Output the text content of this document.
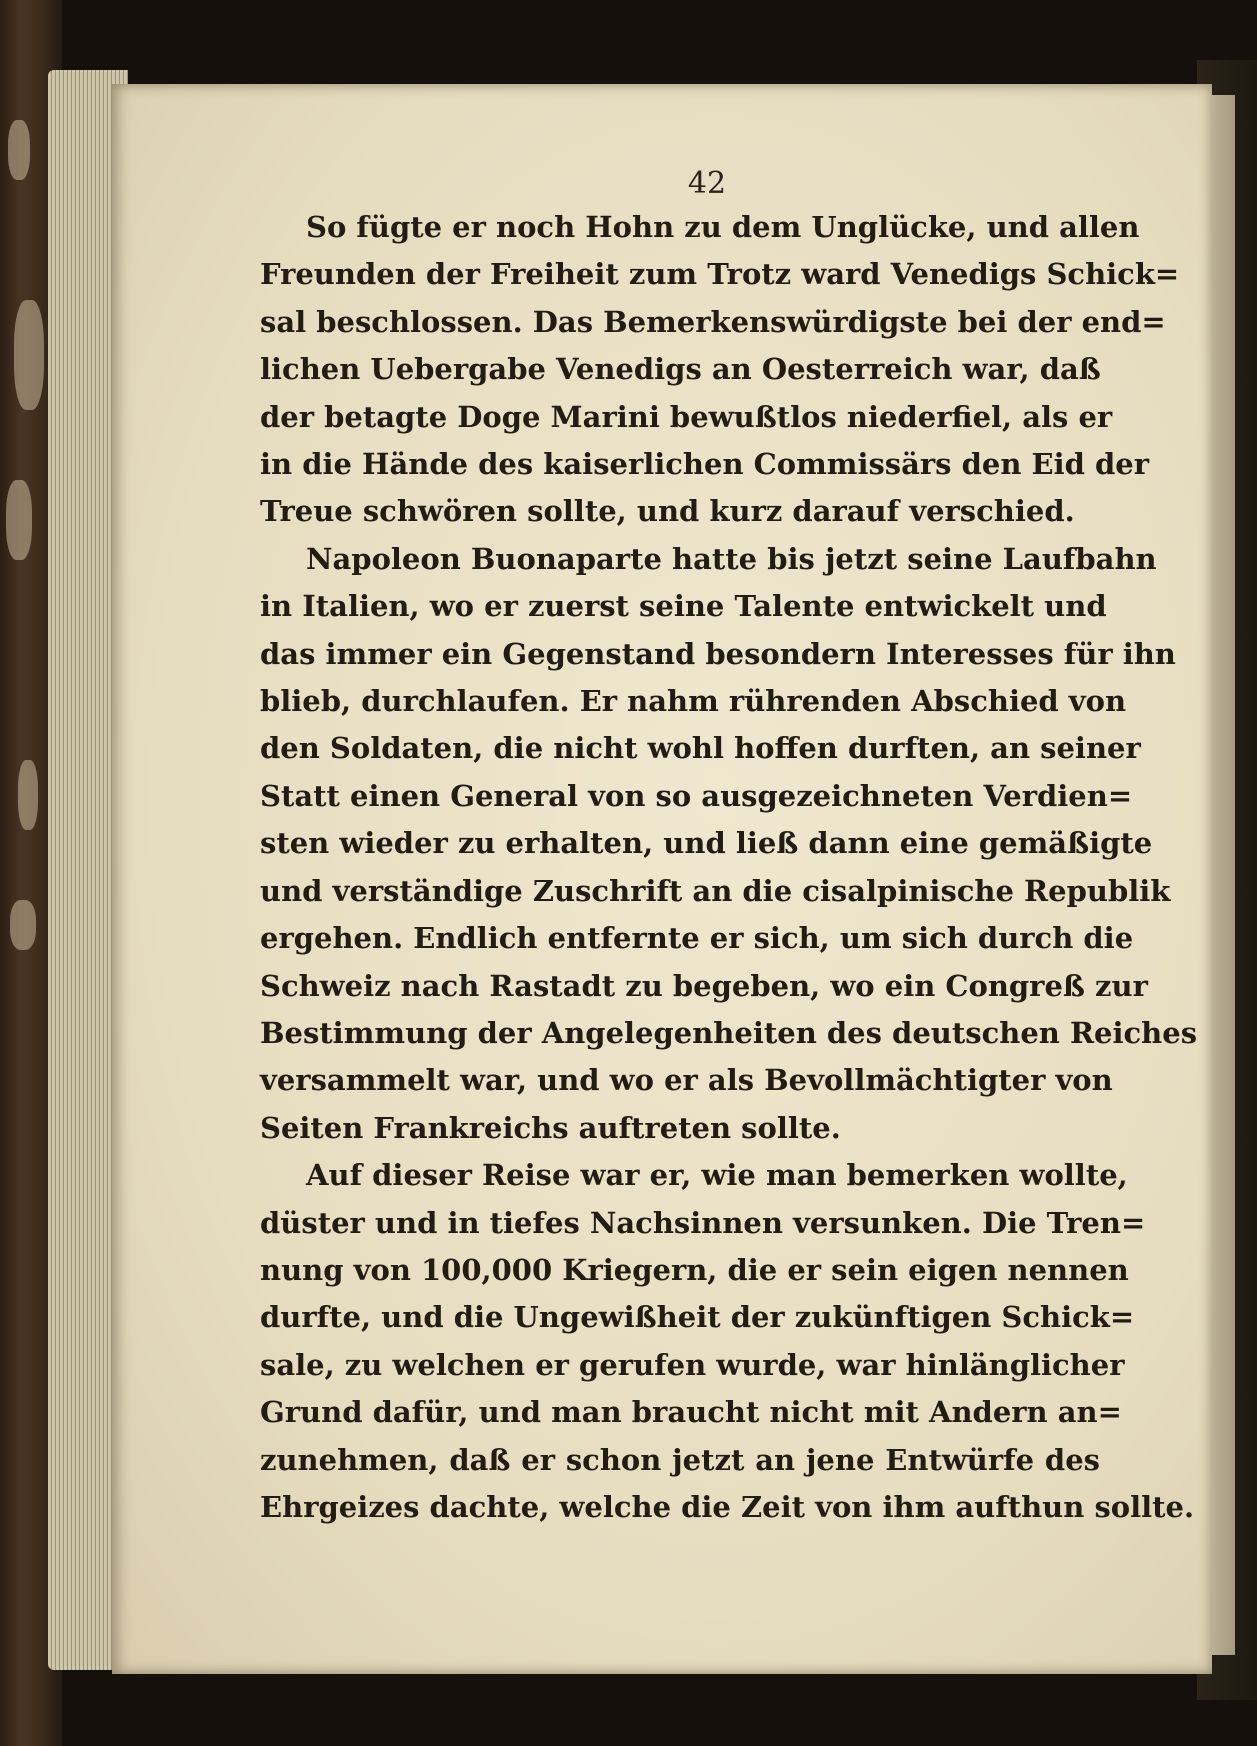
42
So fügte er noch Hohn zu dem Unglücke, und allen
Freunden der Freiheit zum Trotz ward Venedigs Schick=
sal beschlossen. Das Bemerkenswürdigste bei der end=
lichen Uebergabe Venedigs an Oesterreich war, daß
der betagte Doge Marini bewußtlos niederfiel, als er
in die Hände des kaiserlichen Commissärs den Eid der
Treue schwören sollte, und kurz darauf verschied.
Napoleon Buonaparte hatte bis jetzt seine Laufbahn
in Italien, wo er zuerst seine Talente entwickelt und
das immer ein Gegenstand besondern Interesses für ihn
blieb, durchlaufen. Er nahm rührenden Abschied von
den Soldaten, die nicht wohl hoffen durften, an seiner
Statt einen General von so ausgezeichneten Verdien=
sten wieder zu erhalten, und ließ dann eine gemäßigte
und verständige Zuschrift an die cisalpinische Republik
ergehen. Endlich entfernte er sich, um sich durch die
Schweiz nach Rastadt zu begeben, wo ein Congreß zur
Bestimmung der Angelegenheiten des deutschen Reiches
versammelt war, und wo er als Bevollmächtigter von
Seiten Frankreichs auftreten sollte.
Auf dieser Reise war er, wie man bemerken wollte,
düster und in tiefes Nachsinnen versunken. Die Tren=
nung von 100,000 Kriegern, die er sein eigen nennen
durfte, und die Ungewißheit der zukünftigen Schick=
sale, zu welchen er gerufen wurde, war hinlänglicher
Grund dafür, und man braucht nicht mit Andern an=
zunehmen, daß er schon jetzt an jene Entwürfe des
Ehrgeizes dachte, welche die Zeit von ihm aufthun sollte.
